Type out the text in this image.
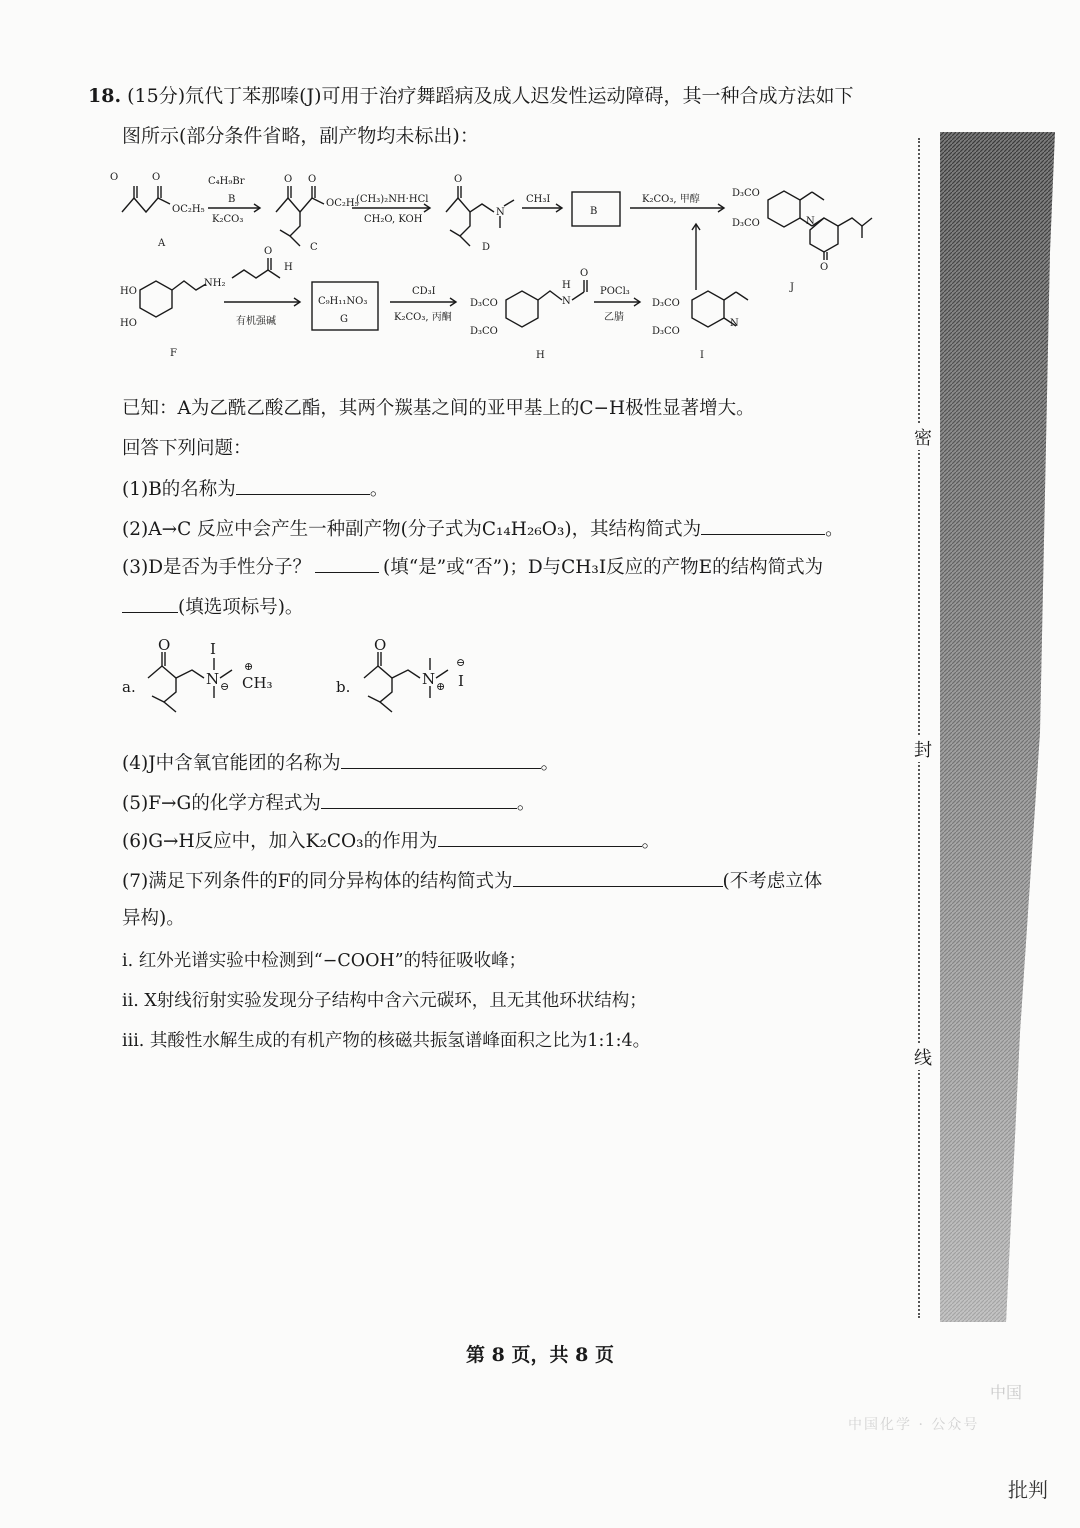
18. (15分)氘代丁苯那嗪(J)可用于治疗舞蹈病及成人迟发性运动障碍，其一种合成方法如下
图所示(部分条件省略，副产物均未标出)：
O	O
OC₂H₅
A
C₄H₉Br
B
K₂CO₃
O O
OC₂H₅
C
(CH₃)₂NH·HCl
CH₂O, KOH
O
N
D
CH₃I
B
K₂CO₃, 甲醇
D₃CO
D₃CO	N
O
J
HO
HO
NH₂
F
O
H
有机强碱
C₉H₁₁NO₃
G
CD₃I
K₂CO₃, 丙酮
D₃CO
D₃CO
N
H
O
H
POCl₃
乙腈
D₃CO
D₃CO
N
I
已知：A为乙酰乙酸乙酯，其两个羰基之间的亚甲基上的C−H极性显著增大。
回答下列问题：
(1)B的名称为	。
(2)A→C 反应中会产生一种副产物(分子式为C₁₄H₂₆O₃)，其结构简式为	。
(3)D是否为手性分子？	(填“是”或“否”)；D与CH₃I反应的产物E的结构简式为
(填选项标号)。
a.
O	I
N ⊖
⊕
CH₃	b.
O
N ⊕
⊖
I
(4)J中含氧官能团的名称为	。
(5)F→G的化学方程式为	。
(6)G→H反应中，加入K₂CO₃的作用为	。
(7)满足下列条件的F的同分异构体的结构简式为	(不考虑立体
异构)。
i. 红外光谱实验中检测到“−COOH”的特征吸收峰；
ii. X射线衍射实验发现分子结构中含六元碳环，且无其他环状结构；
iii. 其酸性水解生成的有机产物的核磁共振氢谱峰面积之比为1:1:4。
第 8 页，共 8 页
密
封
线
中国
中国化学 · 公众号
批判
